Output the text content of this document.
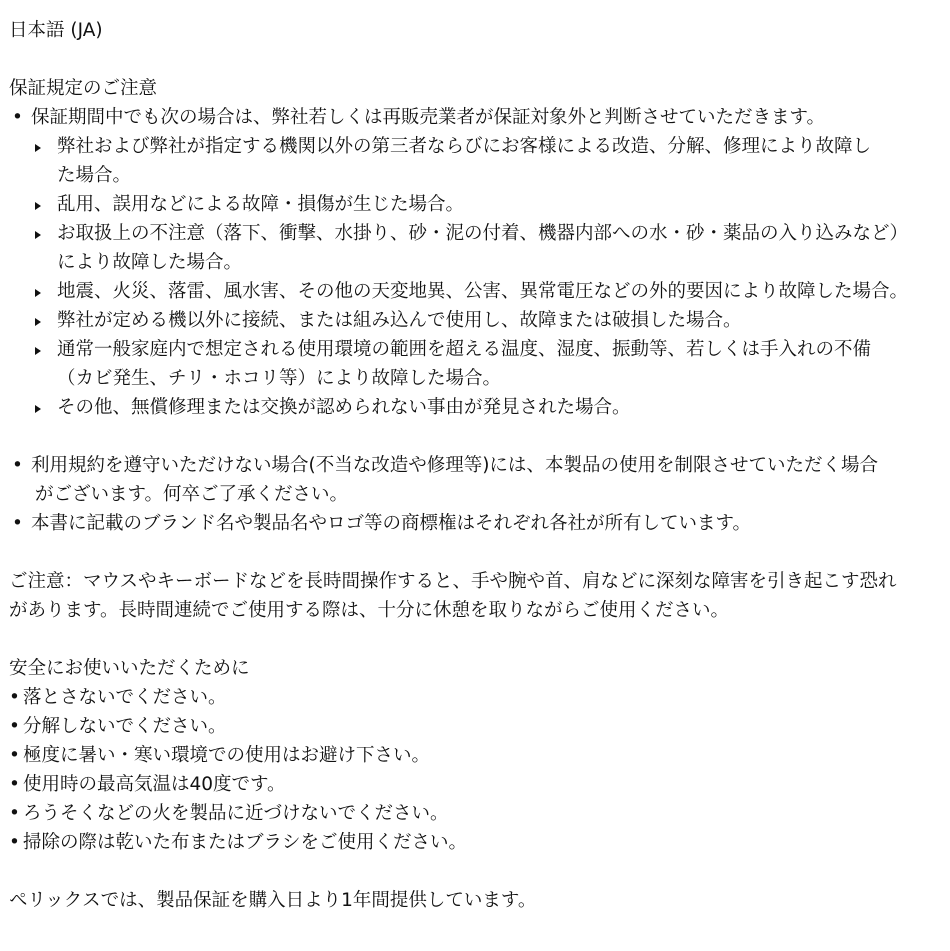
日本語 (JA)
保証規定のご注意
• 保証期間中でも次の場合は、弊社若しくは再販売業者が保証対象外と判断させていただきます。
弊社および弊社が指定する機関以外の第三者ならびにお客様による改造、分解、修理により故障し
た場合。
乱用、誤用などによる故障・損傷が生じた場合。
お取扱上の不注意（落下、衝撃、水掛り、砂・泥の付着、機器内部への水・砂・薬品の入り込みなど）
により故障した場合。
地震、火災、落雷、風水害、その他の天変地異、公害、異常電圧などの外的要因により故障した場合。
弊社が定める機以外に接続、または組み込んで使用し、故障または破損した場合。
通常一般家庭内で想定される使用環境の範囲を超える温度、湿度、振動等、若しくは手入れの不備
（カビ発生、チリ・ホコリ等）により故障した場合。
その他、無償修理または交換が認められない事由が発見された場合。
• 利用規約を遵守いただけない場合(不当な改造や修理等)には、本製品の使用を制限させていただく場合
がございます。何卒ご了承ください。
• 本書に記載のブランド名や製品名やロゴ等の商標権はそれぞれ各社が所有しています。
ご注意：マウスやキーボードなどを長時間操作すると、手や腕や首、肩などに深刻な障害を引き起こす恐れ
があります。長時間連続でご使用する際は、十分に休憩を取りながらご使用ください。
安全にお使いいただくために
• 落とさないでください。
• 分解しないでください。
• 極度に暑い・寒い環境での使用はお避け下さい。
• 使用時の最高気温は40度です。
• ろうそくなどの火を製品に近づけないでください。
• 掃除の際は乾いた布またはブラシをご使用ください。
ペリックスでは、製品保証を購入日より1年間提供しています。
